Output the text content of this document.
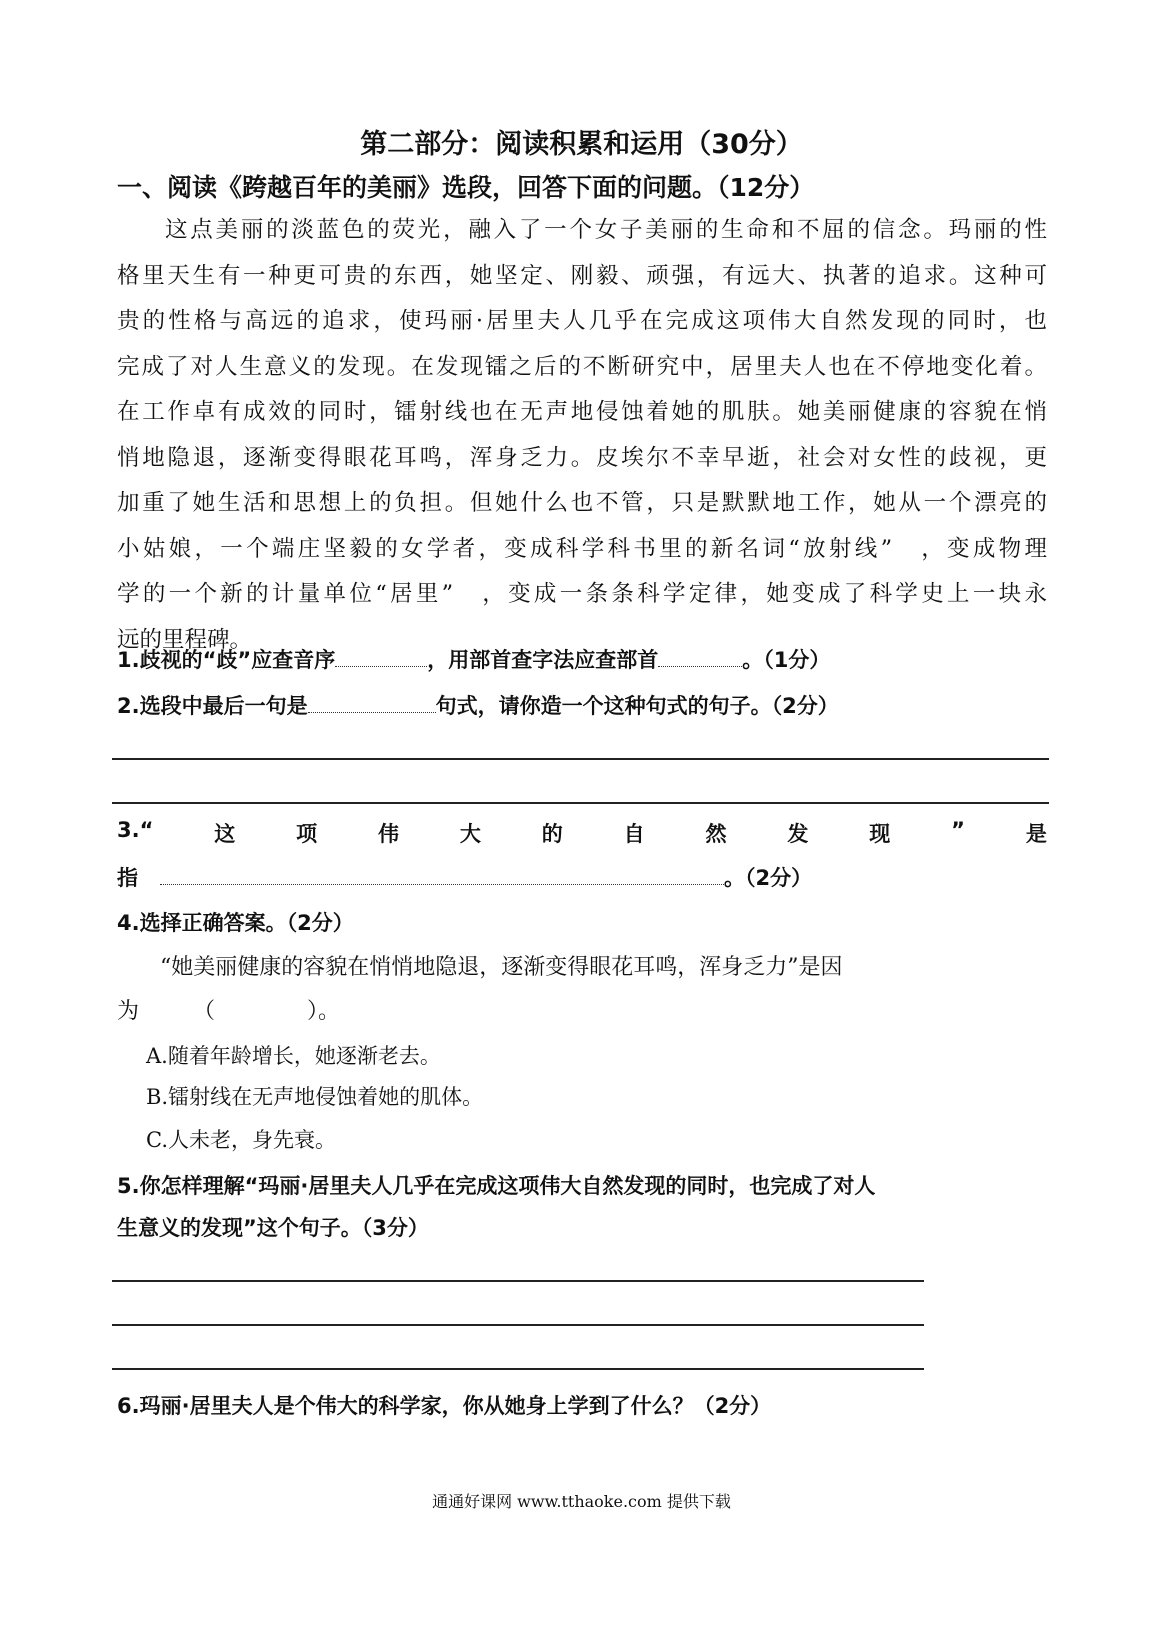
第二部分：阅读积累和运用（30分）
一、阅读《跨越百年的美丽》选段，回答下面的问题。（12分）
这点美丽的淡蓝色的荧光，融入了一个女子美丽的生命和不屈的信念。玛丽的性
格里天生有一种更可贵的东西，她坚定、刚毅、顽强，有远大、执著的追求。这种可
贵的性格与高远的追求，使玛丽·居里夫人几乎在完成这项伟大自然发现的同时，也
完成了对人生意义的发现。在发现镭之后的不断研究中，居里夫人也在不停地变化着。
在工作卓有成效的同时，镭射线也在无声地侵蚀着她的肌肤。她美丽健康的容貌在悄
悄地隐退，逐渐变得眼花耳鸣，浑身乏力。皮埃尔不幸早逝，社会对女性的歧视，更
加重了她生活和思想上的负担。但她什么也不管，只是默默地工作，她从一个漂亮的
小姑娘，一个端庄坚毅的女学者，变成科学科书里的新名词“放射线”　，变成物理
学的一个新的计量单位“居里”　，变成一条条科学定律，她变成了科学史上一块永
远的里程碑。
1.歧视的“歧”应查音序	，用部首查字法应查部首	。（1分）
2.选段中最后一句是	句式，请你造一个这种句式的句子。（2分）
3.“	这	项	伟	大	的	自	然	发	现	”	是
指	。（2分）
4.选择正确答案。（2分）
“她美丽健康的容貌在悄悄地隐退，逐渐变得眼花耳鸣，浑身乏力”是因
为 （	）。
A.随着年龄增长，她逐渐老去。
B.镭射线在无声地侵蚀着她的肌体。
C.人未老，身先衰。
5.你怎样理解“玛丽·居里夫人几乎在完成这项伟大自然发现的同时，也完成了对人
生意义的发现”这个句子。（3分）
6.玛丽·居里夫人是个伟大的科学家，你从她身上学到了什么？（2分）
通通好课网 www.tthaoke.com 提供下载
